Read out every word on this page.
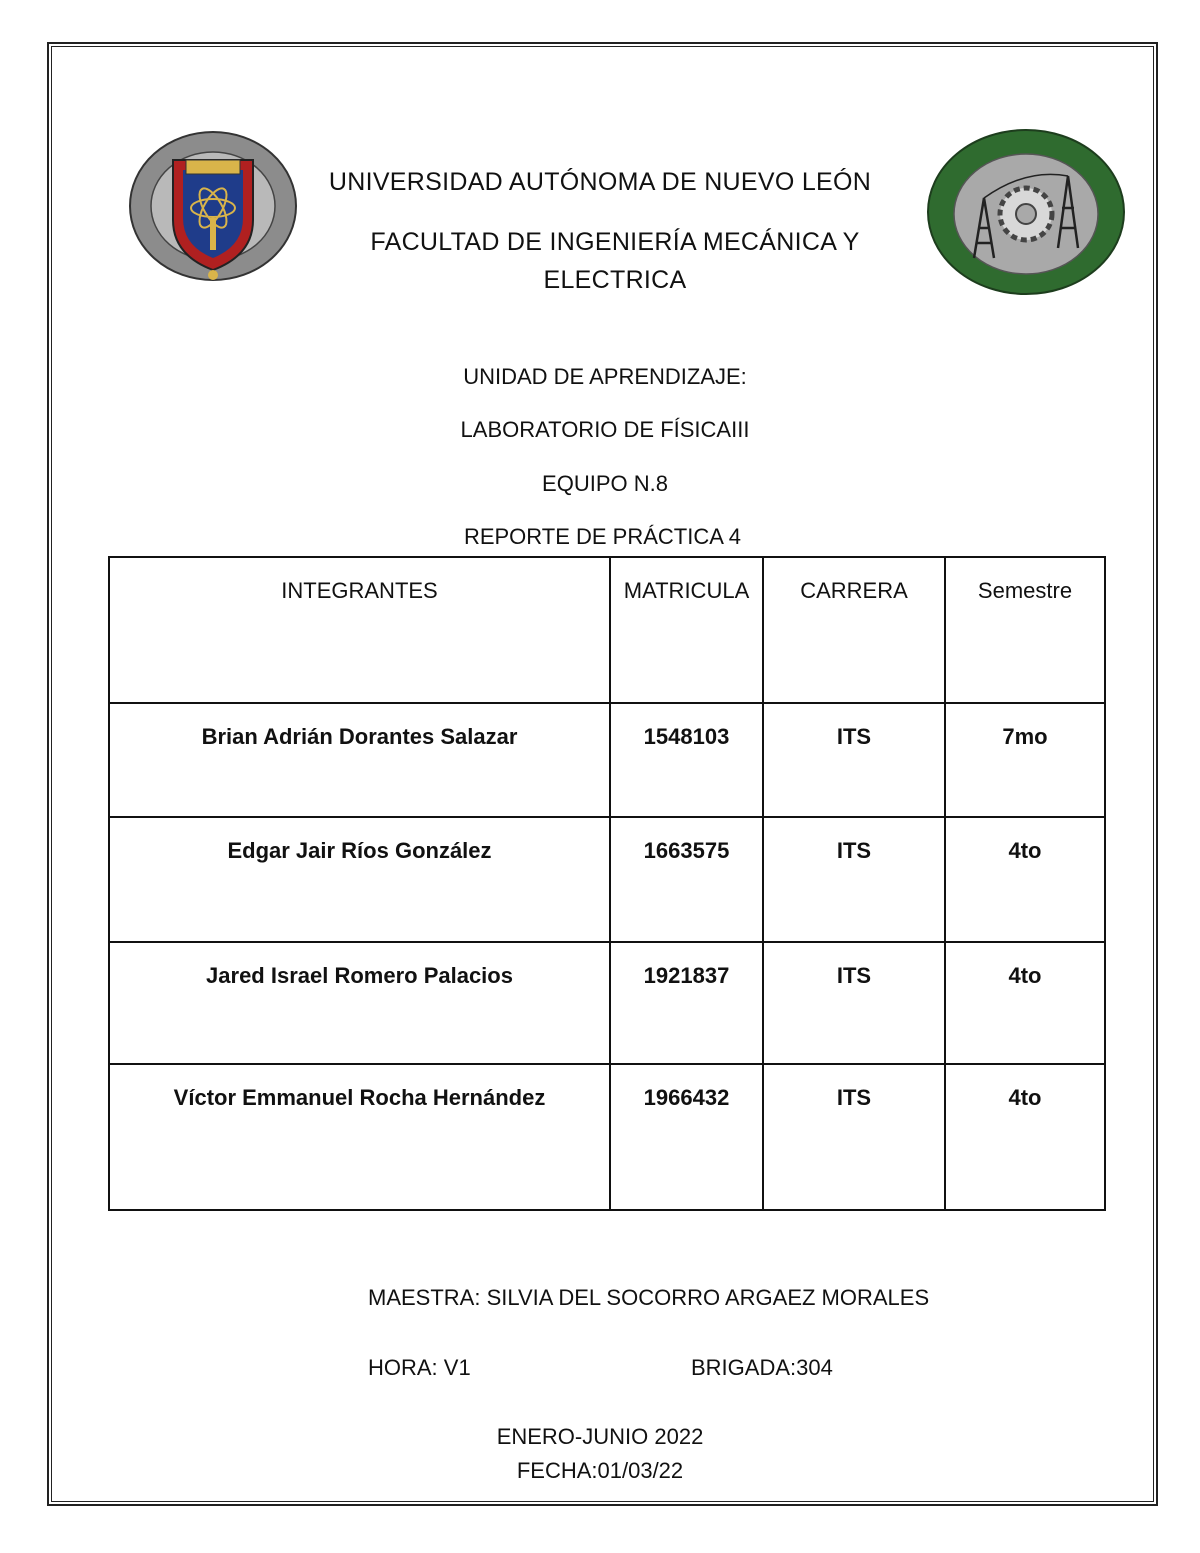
UNIVERSIDAD AUTÓNOMA DE NUEVO LEÓN
FACULTAD DE INGENIERÍA MECÁNICA Y
ELECTRICA
UNIDAD DE APRENDIZAJE:
LABORATORIO DE FÍSICAIII
EQUIPO N.8
REPORTE DE PRÁCTICA 4
INTEGRANTES	MATRICULA	CARRERA	Semestre
Brian Adrián Dorantes Salazar	1548103	ITS	7mo
Edgar Jair Ríos González	1663575	ITS	4to
Jared Israel Romero Palacios	1921837	ITS	4to
Víctor Emmanuel Rocha Hernández	1966432	ITS	4to
MAESTRA: SILVIA DEL SOCORRO ARGAEZ MORALES
HORA: V1	BRIGADA:304
ENERO-JUNIO 2022
FECHA:01/03/22
